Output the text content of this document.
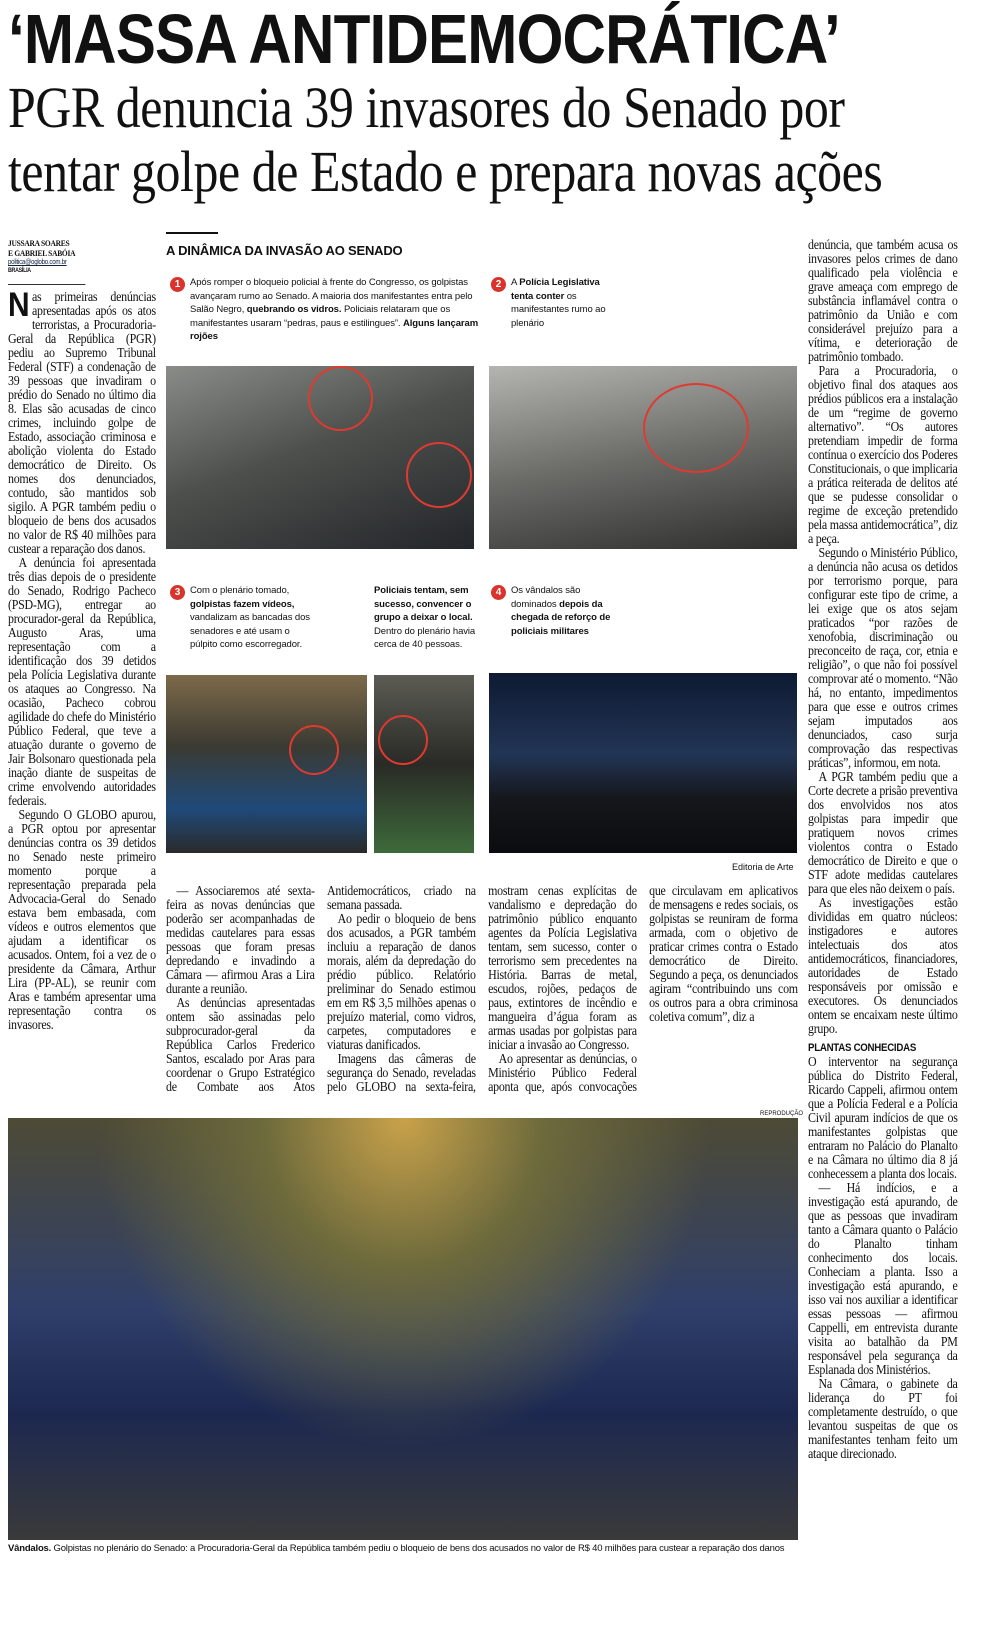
‘MASSA ANTIDEMOCRÁTICA’
PGR denuncia 39 invasores do Senado por
tentar golpe de Estado e prepara novas ações
JUSSARA SOARES
E GABRIEL SABÓIA
politica@oglobo.com.br
BRASÍLIA

Nas primeiras denúncias apresentadas após os atos terroristas, a Procuradoria-Geral da República (PGR) pediu ao Supremo Tribunal Federal (STF) a condenação de 39 pessoas que invadiram o prédio do Senado no último dia 8. Elas são acusadas de cinco crimes, incluindo golpe de Estado, associação criminosa e abolição violenta do Estado democrático de Direito. Os nomes dos denunciados, contudo, são mantidos sob sigilo. A PGR também pediu o bloqueio de bens dos acusados no valor de R$ 40 milhões para custear a reparação dos danos.

A denúncia foi apresentada três dias depois de o presidente do Senado, Rodrigo Pacheco (PSD-MG), entregar ao procurador-geral da República, Augusto Aras, uma representação com a identificação dos 39 detidos pela Polícia Legislativa durante os ataques ao Congresso. Na ocasião, Pacheco cobrou agilidade do chefe do Ministério Público Federal, que teve a atuação durante o governo de Jair Bolsonaro questionada pela inação diante de suspeitas de crime envolvendo autoridades federais.

Segundo O GLOBO apurou, a PGR optou por apresentar denúncias contra os 39 detidos no Senado neste primeiro momento porque a representação preparada pela Advocacia-Geral do Senado estava bem embasada, com vídeos e outros elementos que ajudam a identificar os acusados. Ontem, foi a vez de o presidente da Câmara, Arthur Lira (PP-AL), se reunir com Aras e também apresentar uma representação contra os invasores.

A DINÂMICA DA INVASÃO AO SENADO
1	Após romper o bloqueio policial à frente do Congresso, os golpistas avançaram rumo ao Senado. A maioria dos manifestantes entra pelo Salão Negro, quebrando os vidros. Policiais relataram que os manifestantes usaram “pedras, paus e estilingues”. Alguns lançaram rojões
2	A Polícia Legislativa tenta conter os manifestantes rumo ao plenário
3	Com o plenário tomado, golpistas fazem vídeos, vandalizam as bancadas dos senadores e até usam o púlpito como escorregador.
Policiais tentam, sem sucesso, convencer o grupo a deixar o local. Dentro do plenário havia cerca de 40 pessoas.
4	Os vândalos são dominados depois da chegada de reforço de policiais militares
Editoria de Arte

— Associaremos até sexta-feira as novas denúncias que poderão ser acompanhadas de medidas cautelares para essas pessoas que foram presas depredando e invadindo a Câmara — afirmou Aras a Lira durante a reunião.

As denúncias apresentadas ontem são assinadas pelo subprocurador-geral da República Carlos Frederico Santos, escalado por Aras para coordenar o Grupo Estratégico de Combate aos Atos Antidemocráticos, criado na semana passada.

Ao pedir o bloqueio de bens dos acusados, a PGR também incluiu a reparação de danos morais, além da depredação do prédio público. Relatório preliminar do Senado estimou em em R$ 3,5 milhões apenas o prejuízo material, como vidros, carpetes, computadores e viaturas danificados.

Imagens das câmeras de segurança do Senado, reveladas pelo GLOBO na sexta-feira, mostram cenas explícitas de vandalismo e depredação do patrimônio público enquanto agentes da Polícia Legislativa tentam, sem sucesso, conter o terrorismo sem precedentes na História. Barras de metal, escudos, rojões, pedaços de paus, extintores de incêndio e mangueira d’água foram as armas usadas por golpistas para iniciar a invasão ao Congresso.

Ao apresentar as denúncias, o Ministério Público Federal aponta que, após convocações que circulavam em aplicativos de mensagens e redes sociais, os golpistas se reuniram de forma armada, com o objetivo de praticar crimes contra o Estado democrático de Direito. Segundo a peça, os denunciados agiram “contribuindo uns com os outros para a obra criminosa coletiva comum”, diz a

denúncia, que também acusa os invasores pelos crimes de dano qualificado pela violência e grave ameaça com emprego de substância inflamável contra o patrimônio da União e com considerável prejuízo para a vítima, e deterioração de patrimônio tombado.

Para a Procuradoria, o objetivo final dos ataques aos prédios públicos era a instalação de um “regime de governo alternativo”. “Os autores pretendiam impedir de forma contínua o exercício dos Poderes Constitucionais, o que implicaria a prática reiterada de delitos até que se pudesse consolidar o regime de exceção pretendido pela massa antidemocrática”, diz a peça.

Segundo o Ministério Público, a denúncia não acusa os detidos por terrorismo porque, para configurar este tipo de crime, a lei exige que os atos sejam praticados “por razões de xenofobia, discriminação ou preconceito de raça, cor, etnia e religião”, o que não foi possível comprovar até o momento. “Não há, no entanto, impedimentos para que esse e outros crimes sejam imputados aos denunciados, caso surja comprovação das respectivas práticas”, informou, em nota.

A PGR também pediu que a Corte decrete a prisão preventiva dos envolvidos nos atos golpistas para impedir que pratiquem novos crimes violentos contra o Estado democrático de Direito e que o STF adote medidas cautelares para que eles não deixem o país.

As investigações estão divididas em quatro núcleos: instigadores e autores intelectuais dos atos antidemocráticos, financiadores, autoridades de Estado responsáveis por omissão e executores. Os denunciados ontem se encaixam neste último grupo.

PLANTAS CONHECIDAS

O interventor na segurança pública do Distrito Federal, Ricardo Cappeli, afirmou ontem que a Polícia Federal e a Polícia Civil apuram indícios de que os manifestantes golpistas que entraram no Palácio do Planalto e na Câmara no último dia 8 já conhecessem a planta dos locais.

— Há indícios, e a investigação está apurando, de que as pessoas que invadiram tanto a Câmara quanto o Palácio do Planalto tinham conhecimento dos locais. Conheciam a planta. Isso a investigação está apurando, e isso vai nos auxiliar a identificar essas pessoas — afirmou Cappelli, em entrevista durante visita ao batalhão da PM responsável pela segurança da Esplanada dos Ministérios.

Na Câmara, o gabinete da liderança do PT foi completamente destruído, o que levantou suspeitas de que os manifestantes tenham feito um ataque direcionado.

REPRODUÇÃO
Vândalos. Golpistas no plenário do Senado: a Procuradoria-Geral da República também pediu o bloqueio de bens dos acusados no valor de R$ 40 milhões para custear a reparação dos danos
